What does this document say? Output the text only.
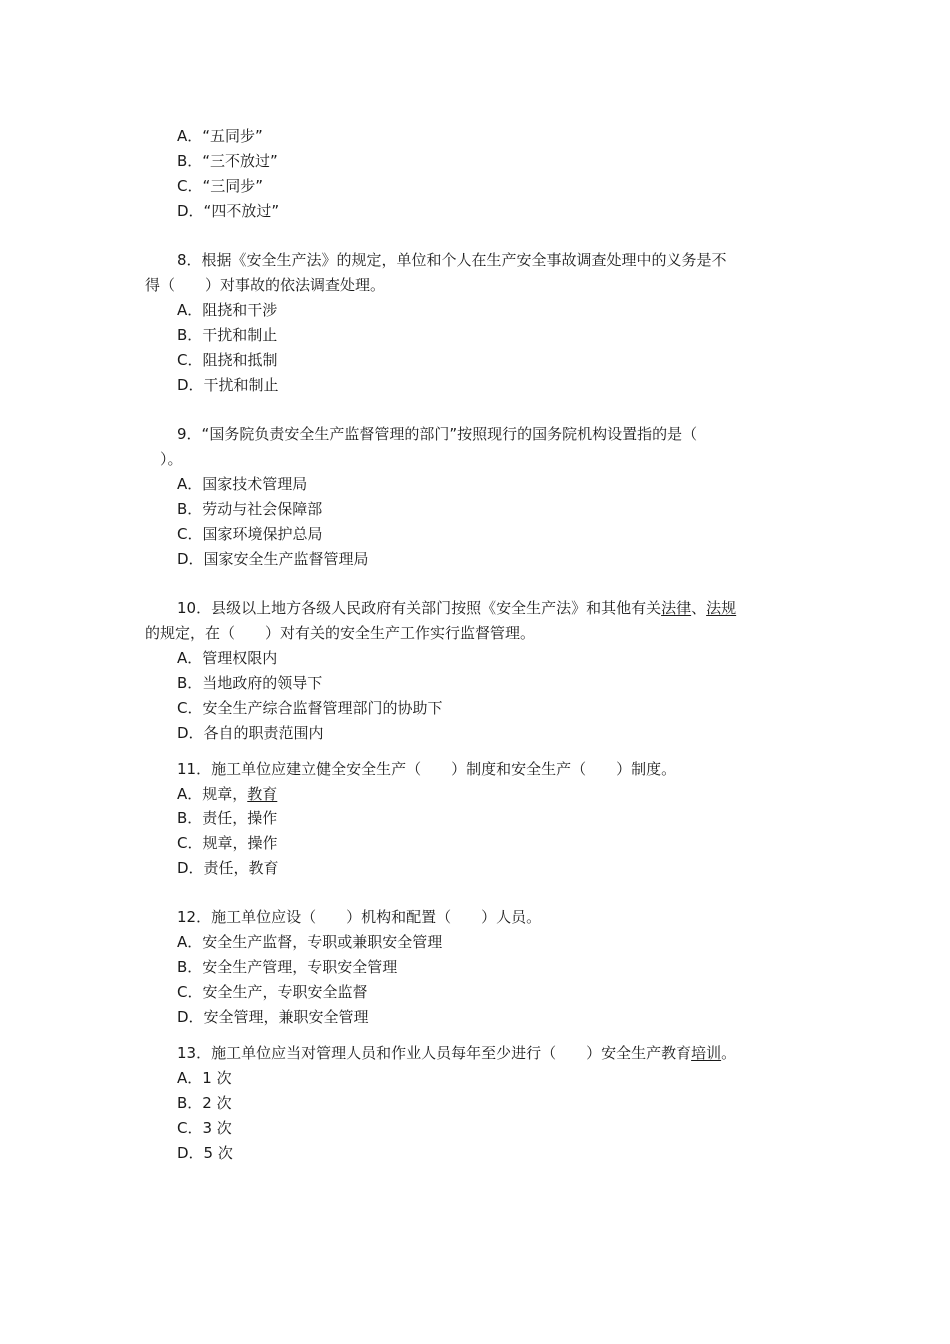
A．“五同步”
B．“三不放过”
C．“三同步”
D．“四不放过”
8．根据《安全生产法》的规定，单位和个人在生产安全事故调查处理中的义务是不
得（　　）对事故的依法调查处理。
A．阻挠和干涉
B．干扰和制止
C．阻挠和抵制
D．干扰和制止
9．“国务院负责安全生产监督管理的部门”按照现行的国务院机构设置指的是（
　）。
A．国家技术管理局
B．劳动与社会保障部
C．国家环境保护总局
D．国家安全生产监督管理局
10．县级以上地方各级人民政府有关部门按照《安全生产法》和其他有关法律、法规
的规定，在（　　）对有关的安全生产工作实行监督管理。
A．管理权限内
B．当地政府的领导下
C．安全生产综合监督管理部门的协助下
D．各自的职责范围内
11．施工单位应建立健全安全生产（　　）制度和安全生产（　　）制度。
A．规章，教育
B．责任，操作
C．规章，操作
D．责任，教育
12．施工单位应设（　　）机构和配置（　　）人员。
A．安全生产监督，专职或兼职安全管理
B．安全生产管理，专职安全管理
C．安全生产，专职安全监督
D．安全管理，兼职安全管理
13．施工单位应当对管理人员和作业人员每年至少进行（　　）安全生产教育培训。
A．1 次
B．2 次
C．3 次
D．5 次
